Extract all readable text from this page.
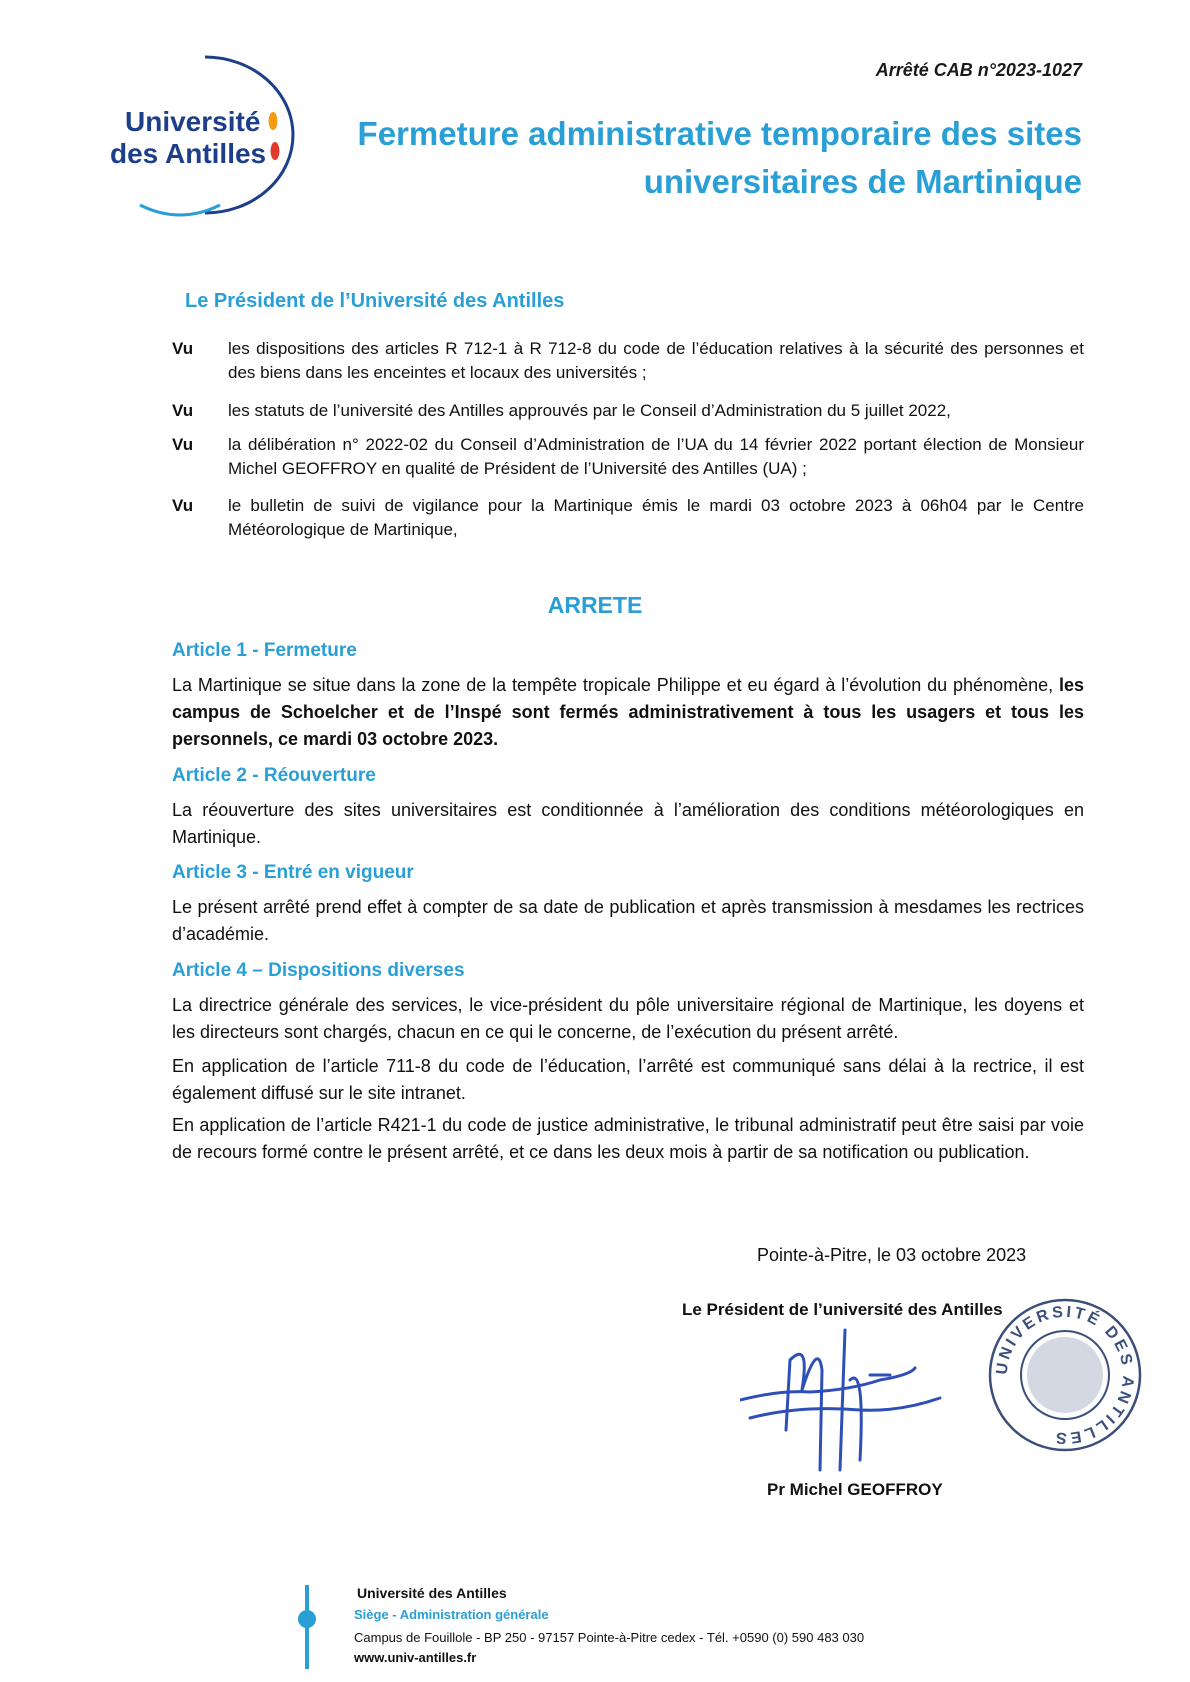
Université
des Antilles
Arrêté CAB n°2023-1027
Fermeture administrative temporaire des sites universitaires de Martinique
Le Président de l’Université des Antilles
Vu les dispositions des articles R 712-1 à R 712-8 du code de l’éducation relatives à la sécurité des personnes et des biens dans les enceintes et locaux des universités ;
Vu les statuts de l’université des Antilles approuvés par le Conseil d’Administration du 5 juillet 2022,
Vu la délibération n° 2022-02 du Conseil d’Administration de l’UA du 14 février 2022 portant élection de Monsieur Michel GEOFFROY en qualité de Président de l’Université des Antilles (UA) ;
Vu le bulletin de suivi de vigilance pour la Martinique émis le mardi 03 octobre 2023 à 06h04 par le Centre Météorologique de Martinique,
ARRETE
Article 1 - Fermeture
La Martinique se situe dans la zone de la tempête tropicale Philippe et eu égard à l’évolution du phénomène, les campus de Schoelcher et de l’Inspé sont fermés administrativement à tous les usagers et tous les personnels, ce mardi 03 octobre 2023.
Article 2 - Réouverture
La réouverture des sites universitaires est conditionnée à l’amélioration des conditions météorologiques en Martinique.
Article 3 - Entré en vigueur
Le présent arrêté prend effet à compter de sa date de publication et après transmission à mesdames les rectrices d’académie.
Article 4 – Dispositions diverses
La directrice générale des services, le vice-président du pôle universitaire régional de Martinique, les doyens et les directeurs sont chargés, chacun en ce qui le concerne, de l’exécution du présent arrêté.
En application de l’article 711-8 du code de l’éducation, l’arrêté est communiqué sans délai à la rectrice, il est également diffusé sur le site intranet.
En application de l’article R421-1 du code de justice administrative, le tribunal administratif peut être saisi par voie de recours formé contre le présent arrêté, et ce dans les deux mois à partir de sa notification ou publication.
Pointe-à-Pitre, le 03 octobre 2023
Le Président de l’université des Antilles
UNIVERSITÉ DES ANTILLES
Pr Michel GEOFFROY
Université des Antilles
Siège - Administration générale
Campus de Fouillole - BP 250 - 97157 Pointe-à-Pitre cedex - Tél. +0590 (0) 590 483 030
www.univ-antilles.fr
